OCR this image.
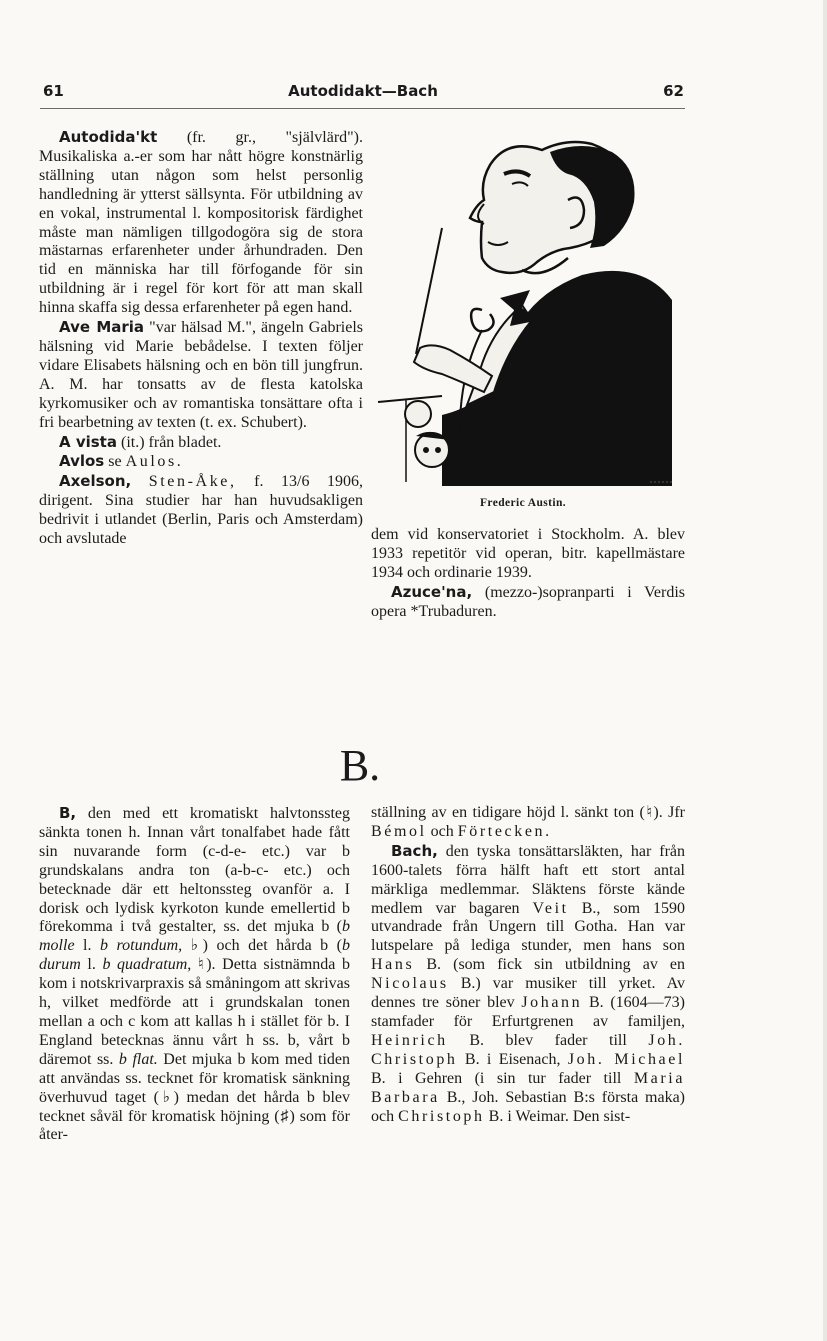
61	Autodidakt—Bach	62

Autodida'kt (fr. gr., "självlärd"). Musikaliska a.-er som har nått högre konstnärlig ställning utan någon som helst personlig handledning är ytterst sällsynta. För utbildning av en vokal, instrumental l. kompositorisk färdighet måste man nämligen tillgodogöra sig de stora mästarnas erfarenheter under århundraden. Den tid en människa har till förfogande för sin utbildning är i regel för kort för att man skall hinna skaffa sig dessa erfarenheter på egen hand.

Ave Maria "var hälsad M.", ängeln Gabriels hälsning vid Marie bebådelse. I texten följer vidare Elisabets hälsning och en bön till jungfrun. A. M. har tonsatts av de flesta katolska kyrkomusiker och av romantiska tonsättare ofta i fri bearbetning av texten (t. ex. Schubert).

A vista (it.) från bladet.

Avlos se Aulos.

Axelson, Sten-Åke, f. 13/6 1906, dirigent. Sina studier har han huvudsakligen bedrivit i utlandet (Berlin, Paris och Amsterdam) och avslutade

Frederic Austin.

dem vid konservatoriet i Stockholm. A. blev 1933 repetitör vid operan, bitr. kapellmästare 1934 och ordinarie 1939.

Azuce'na, (mezzo-)sopranparti i Verdis opera *Trubaduren.

B.

B, den med ett kromatiskt halvtonssteg sänkta tonen h. Innan vårt tonalfabet hade fått sin nuvarande form (c-d-e- etc.) var b grundskalans andra ton (a-b-c- etc.) och betecknade där ett heltonssteg ovanför a. I dorisk och lydisk kyrkoton kunde emellertid b förekomma i två gestalter, ss. det mjuka b (b molle l. b rotundum, ♭) och det hårda b (b durum l. b quadratum, ♮). Detta sistnämnda b kom i notskrivarpraxis så småningom att skrivas h, vilket medförde att i grundskalan tonen mellan a och c kom att kallas h i stället för b. I England betecknas ännu vårt h ss. b, vårt b däremot ss. b flat. Det mjuka b kom med tiden att användas ss. tecknet för kromatisk sänkning överhuvud taget (♭) medan det hårda b blev tecknet såväl för kromatisk höjning (♯) som för åter-

ställning av en tidigare höjd l. sänkt ton (♮). Jfr Bémol och Förtecken.

Bach, den tyska tonsättarsläkten, har från 1600-talets förra hälft haft ett stort antal märkliga medlemmar. Släktens förste kände medlem var bagaren Veit B., som 1590 utvandrade från Ungern till Gotha. Han var lutspelare på lediga stunder, men hans son Hans B. (som fick sin utbildning av en Nicolaus B.) var musiker till yrket. Av dennes tre söner blev Johann B. (1604—73) stamfader för Erfurtgrenen av familjen, Heinrich B. blev fader till Joh. Christoph B. i Eisenach, Joh. Michael B. i Gehren (i sin tur fader till Maria Barbara B., Joh. Sebastian B:s första maka) och Christoph B. i Weimar. Den sist-
